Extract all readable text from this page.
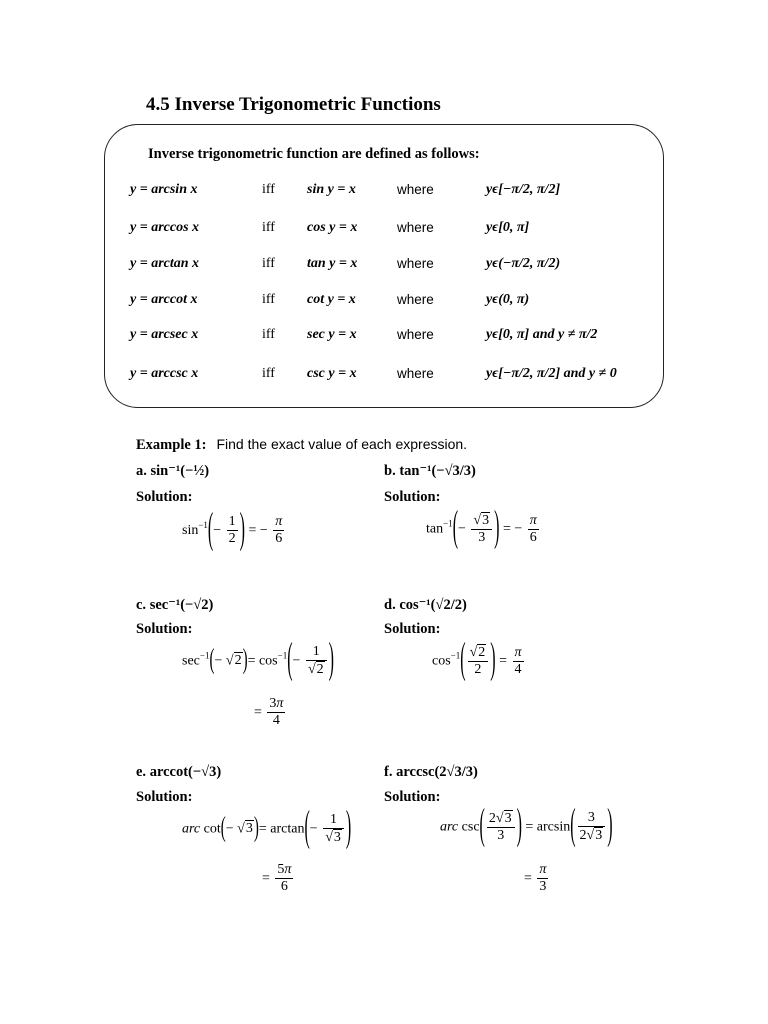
4.5 Inverse Trigonometric Functions
Inverse trigonometric function are defined as follows:
y = arcsin x	iff sin y = x	where	yϵ[−π/2, π/2]
y = arccos x	iff cos y = x	where	yϵ[0, π]
y = arctan x	iff tan y = x	where	yϵ(−π/2, π/2)
y = arccot x	iff cot y = x	where	yϵ(0, π)
y = arcsec x	iff sec y = x	where	yϵ[0, π] and y ≠ π/2
y = arccsc x	iff csc y = x	where	yϵ[−π/2, π/2] and y ≠ 0
Example 1: Find the exact value of each expression.
a. sin⁻¹(−½)
Solution:
$\sin^{-1}(- \frac{1}{2}$ ) = − $\frac{\pi}{6}$
b. tan⁻¹(−√3/3)
Solution:
$\tan^{-1}(- \frac{√3}{3}$ ) = − $\frac{\pi}{6}$
c. sec⁻¹(−√2)
Solution:
$\sec^{-1}(- √2)= \cos^{-1}(- \frac{1}{√2}$ )
= $\frac{3\pi}{4}$
d. cos⁻¹(√2/2)
Solution:
$\cos^{-1}( \frac{√2}{2}$ ) = $\frac{\pi}{4}$
e. arccot(−√3)
Solution:
arc $\cot(- √3)= \arctan(- \frac{1}{√3}$ )
= $\frac{5\pi}{6}$
f. arccsc(2√3/3)
Solution:
arc $\csc( \frac{2√3}{3}$ ) = $\arcsin( \frac{3}{2√3}$ )
= $\frac{\pi}{3}$
